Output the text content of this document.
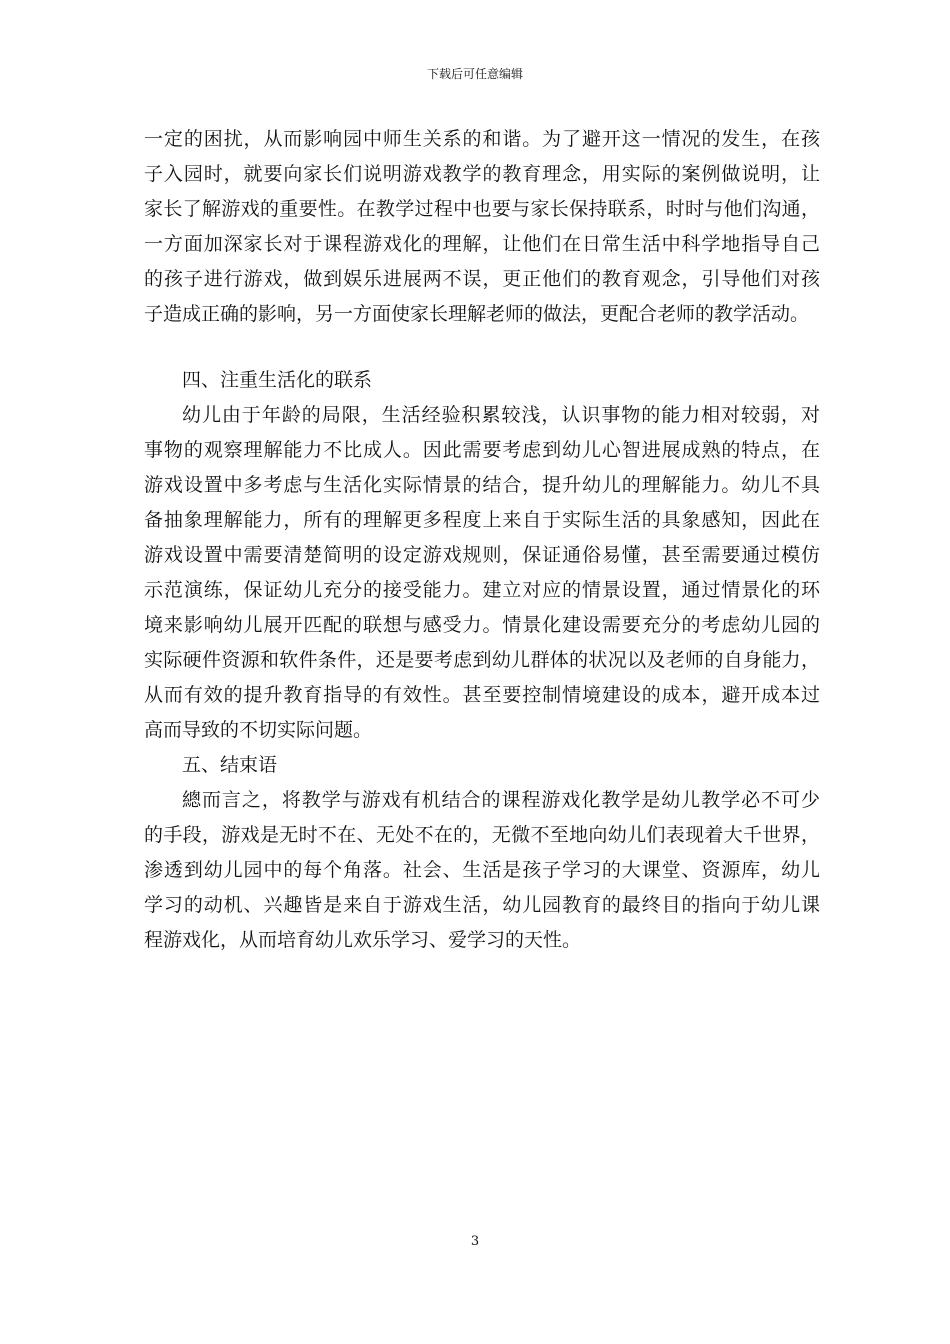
下载后可任意编辑
一定的困扰，从而影响园中师生关系的和谐。为了避开这一情况的发生，在孩
子入园时，就要向家长们说明游戏教学的教育理念，用实际的案例做说明，让
家长了解游戏的重要性。在教学过程中也要与家长保持联系，时时与他们沟通，
一方面加深家长对于课程游戏化的理解，让他们在日常生活中科学地指导自己
的孩子进行游戏，做到娱乐进展两不误，更正他们的教育观念，引导他们对孩
子造成正确的影响，另一方面使家长理解老师的做法，更配合老师的教学活动。
四、注重生活化的联系
幼儿由于年龄的局限，生活经验积累较浅，认识事物的能力相对较弱，对
事物的观察理解能力不比成人。因此需要考虑到幼儿心智进展成熟的特点，在
游戏设置中多考虑与生活化实际情景的结合，提升幼儿的理解能力。幼儿不具
备抽象理解能力，所有的理解更多程度上来自于实际生活的具象感知，因此在
游戏设置中需要清楚简明的设定游戏规则，保证通俗易懂，甚至需要通过模仿
示范演练，保证幼儿充分的接受能力。建立对应的情景设置，通过情景化的环
境来影响幼儿展开匹配的联想与感受力。情景化建设需要充分的考虑幼儿园的
实际硬件资源和软件条件，还是要考虑到幼儿群体的状况以及老师的自身能力，
从而有效的提升教育指导的有效性。甚至要控制情境建设的成本，避开成本过
高而导致的不切实际问题。
五、结束语
總而言之，将教学与游戏有机结合的课程游戏化教学是幼儿教学必不可少
的手段，游戏是无时不在、无处不在的，无微不至地向幼儿们表现着大千世界，
渗透到幼儿园中的每个角落。社会、生活是孩子学习的大课堂、资源库，幼儿
学习的动机、兴趣皆是来自于游戏生活，幼儿园教育的最终目的指向于幼儿课
程游戏化，从而培育幼儿欢乐学习、爱学习的天性。
3
